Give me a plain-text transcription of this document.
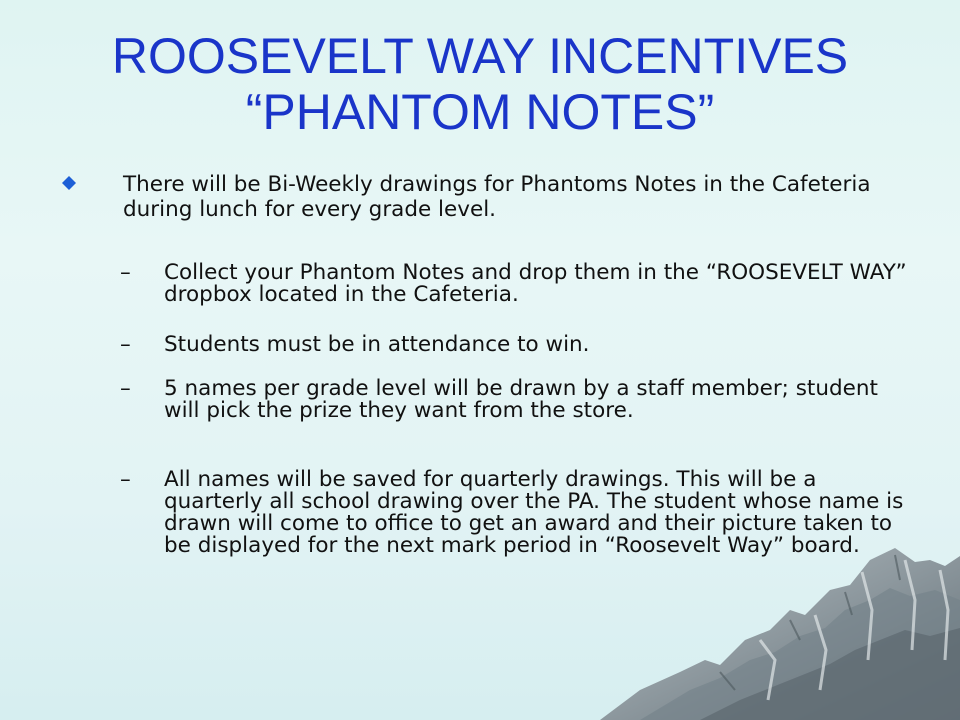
ROOSEVELT WAY INCENTIVES
“PHANTOM NOTES”
There will be Bi-Weekly drawings for Phantoms Notes in the Cafeteria during lunch for every grade level.
–	Collect your Phantom Notes and drop them in the “ROOSEVELT WAY” dropbox located in the Cafeteria.
–	Students must be in attendance to win.
–	5 names per grade level will be drawn by a staff member; student will pick the prize they want from the store.
–	All names will be saved for quarterly drawings. This will be a quarterly all school drawing over the PA. The student whose name is drawn will come to office to get an award and their picture taken to be displayed for the next mark period in “Roosevelt Way” board.
